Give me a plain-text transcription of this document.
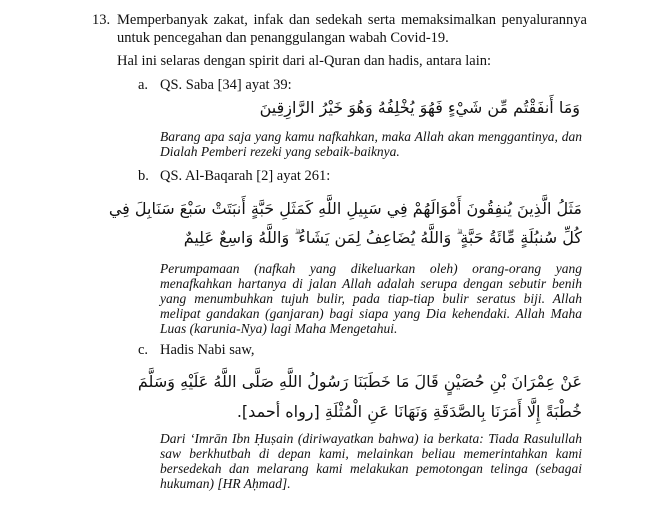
13. Memperbanyak zakat, infak dan sedekah serta memaksimalkan penyalurannya
untuk pencegahan dan penanggulangan wabah Covid-19.
Hal ini selaras dengan spirit dari al-Quran dan hadis, antara lain:
a. QS. Saba [34] ayat 39:
وَمَا أَنفَقْتُم مِّن شَيْءٍ فَهُوَ يُخْلِفُهُ وَهُوَ خَيْرُ الرَّازِقِينَ
Barang apa saja yang kamu nafkahkan, maka Allah akan menggantinya, dan
Dialah Pemberi rezeki yang sebaik-baiknya.
b. QS. Al-Baqarah [2] ayat 261:
مَثَلُ الَّذِينَ يُنفِقُونَ أَمْوَالَهُمْ فِي سَبِيلِ اللَّهِ كَمَثَلِ حَبَّةٍ أَنبَتَتْ سَبْعَ سَنَابِلَ فِي
كُلِّ سُنبُلَةٍ مِّائَةُ حَبَّةٍ ۗ وَاللَّهُ يُضَاعِفُ لِمَن يَشَاءُ ۗ وَاللَّهُ وَاسِعٌ عَلِيمٌ
Perumpamaan (nafkah yang dikeluarkan oleh) orang-orang yang
menafkahkan hartanya di jalan Allah adalah serupa dengan sebutir benih
yang menumbuhkan tujuh bulir, pada tiap-tiap bulir seratus biji. Allah
melipat gandakan (ganjaran) bagi siapa yang Dia kehendaki. Allah Maha
Luas (karunia-Nya) lagi Maha Mengetahui.
c. Hadis Nabi saw,
عَنْ عِمْرَانَ بْنِ حُصَيْنٍ قَالَ مَا خَطَبَنَا رَسُولُ اللَّهِ صَلَّى اللَّهُ عَلَيْهِ وَسَلَّمَ
خُطْبَةً إِلَّا أَمَرَنَا بِالصَّدَقَةِ وَنَهَانَا عَنِ الْمُثْلَةِ [رواه أحمد].
Dari ‘Imrān Ibn Ḥuṣain (diriwayatkan bahwa) ia berkata: Tiada Rasulullah
saw berkhutbah di depan kami, melainkan beliau memerintahkan kami
bersedekah dan melarang kami melakukan pemotongan telinga (sebagai
hukuman) [HR Aḥmad].
